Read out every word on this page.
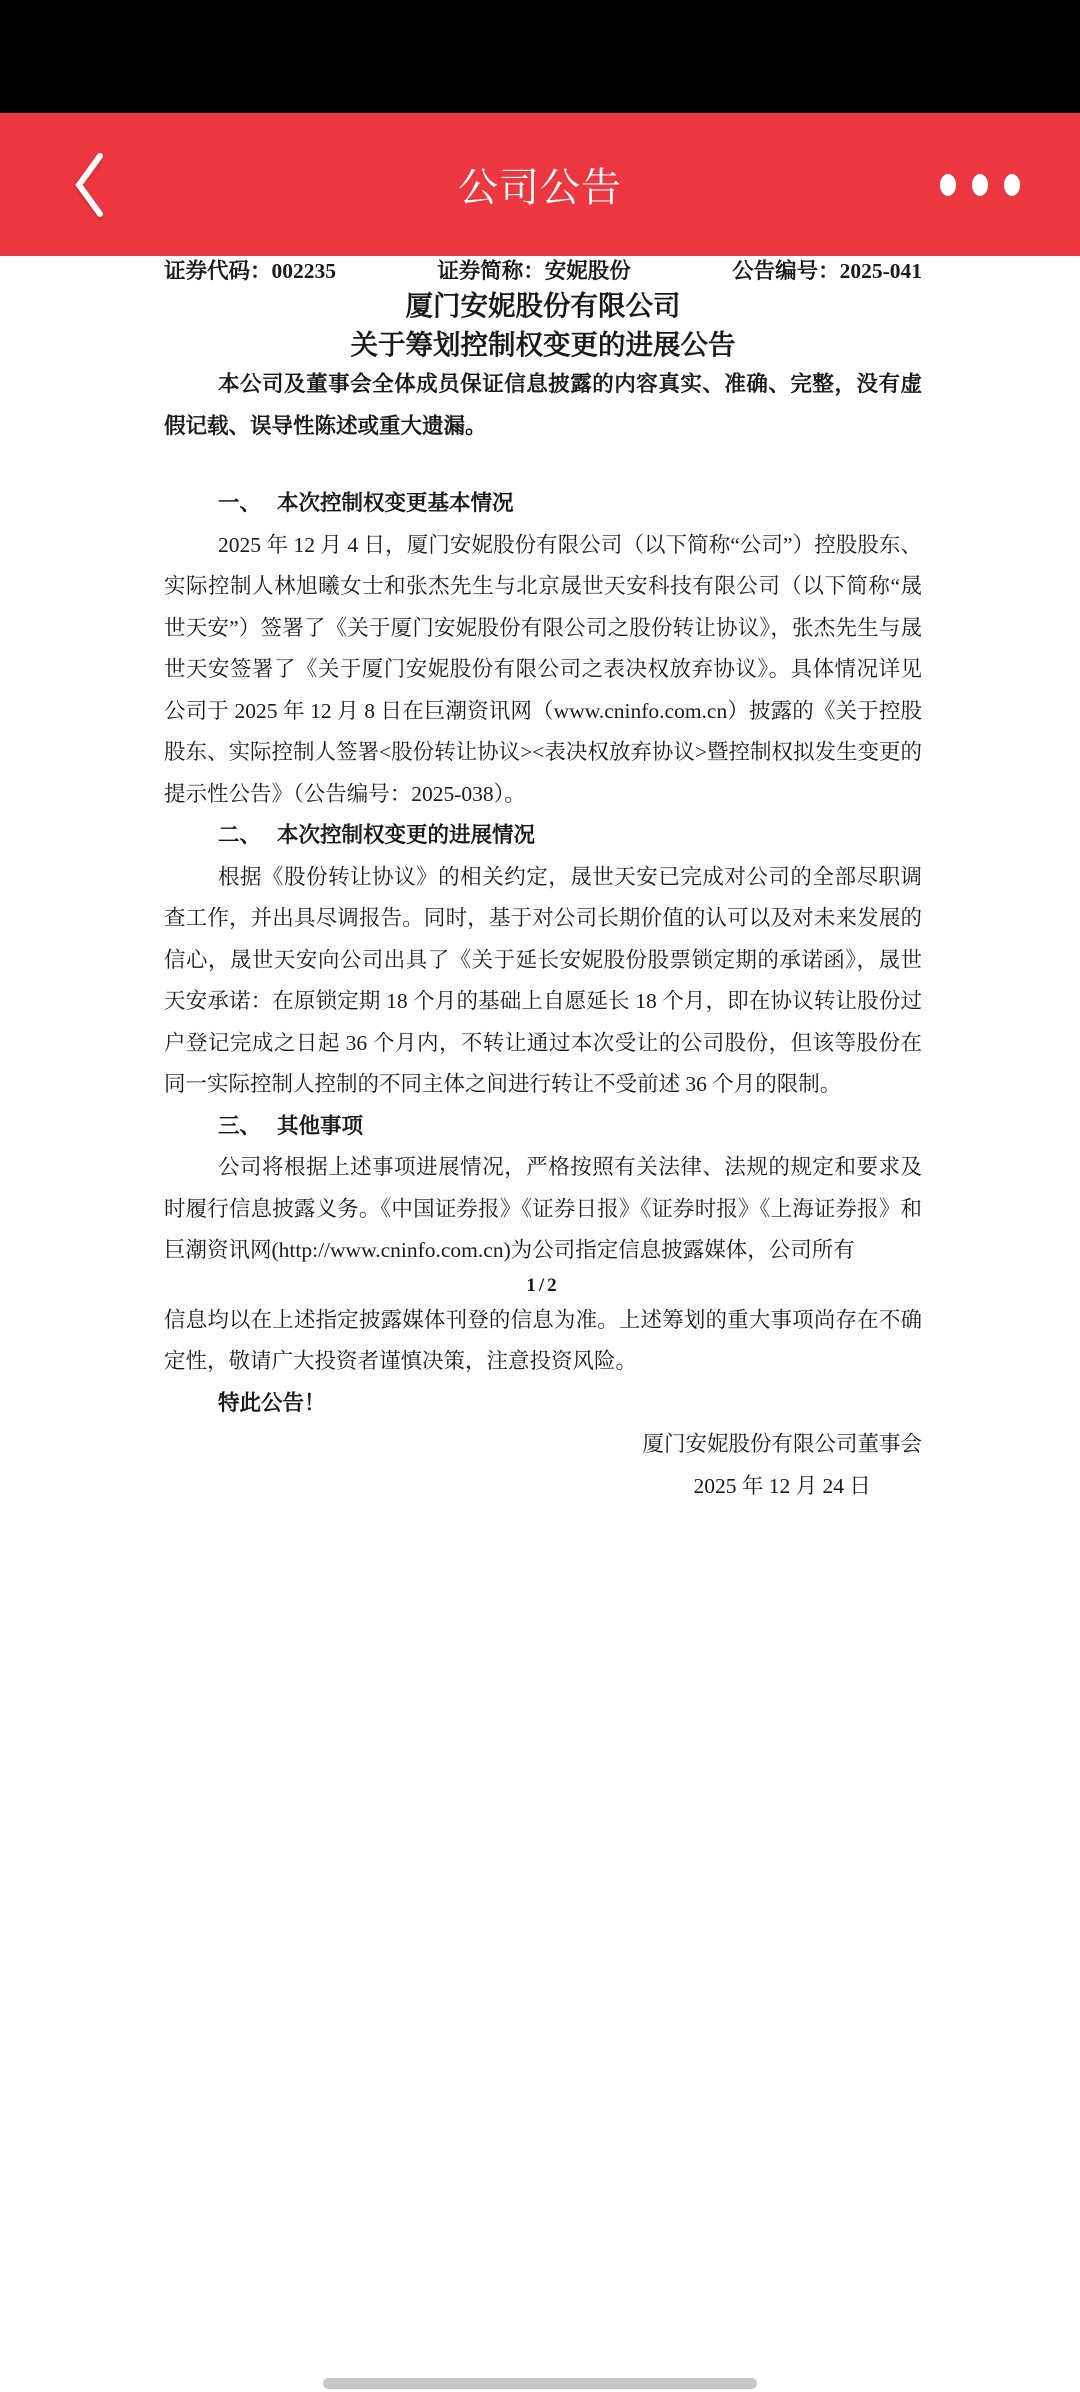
公司公告
证券代码：002235	证券简称：安妮股份	公告编号：2025-041
厦门安妮股份有限公司
关于筹划控制权变更的进展公告

本公司及董事会全体成员保证信息披露的内容真实、准确、完整，没有虚假记载、误导性陈述或重大遗漏。

一、 本次控制权变更基本情况

2025 年 12 月 4 日，厦门安妮股份有限公司（以下简称“公司”）控股股东、实际控制人林旭曦女士和张杰先生与北京晟世天安科技有限公司（以下简称“晟世天安”）签署了《关于厦门安妮股份有限公司之股份转让协议》，张杰先生与晟世天安签署了《关于厦门安妮股份有限公司之表决权放弃协议》。具体情况详见公司于 2025 年 12 月 8 日在巨潮资讯网（www.cninfo.com.cn）披露的《关于控股股东、实际控制人签署<股份转让协议><表决权放弃协议>暨控制权拟发生变更的提示性公告》（公告编号：2025-038）。

二、 本次控制权变更的进展情况

根据《股份转让协议》的相关约定，晟世天安已完成对公司的全部尽职调查工作，并出具尽调报告。同时，基于对公司长期价值的认可以及对未来发展的信心，晟世天安向公司出具了《关于延长安妮股份股票锁定期的承诺函》，晟世天安承诺：在原锁定期 18 个月的基础上自愿延长 18 个月，即在协议转让股份过户登记完成之日起 36 个月内，不转让通过本次受让的公司股份，但该等股份在同一实际控制人控制的不同主体之间进行转让不受前述 36 个月的限制。

三、 其他事项

公司将根据上述事项进展情况，严格按照有关法律、法规的规定和要求及时履行信息披露义务。《中国证券报》《证券日报》《证券时报》《上海证券报》和巨潮资讯网(http://www.cninfo.com.cn)为公司指定信息披露媒体，公司所有

1/2

信息均以在上述指定披露媒体刊登的信息为准。上述筹划的重大事项尚存在不确定性，敬请广大投资者谨慎决策，注意投资风险。

特此公告！

厦门安妮股份有限公司董事会
2025 年 12 月 24 日
